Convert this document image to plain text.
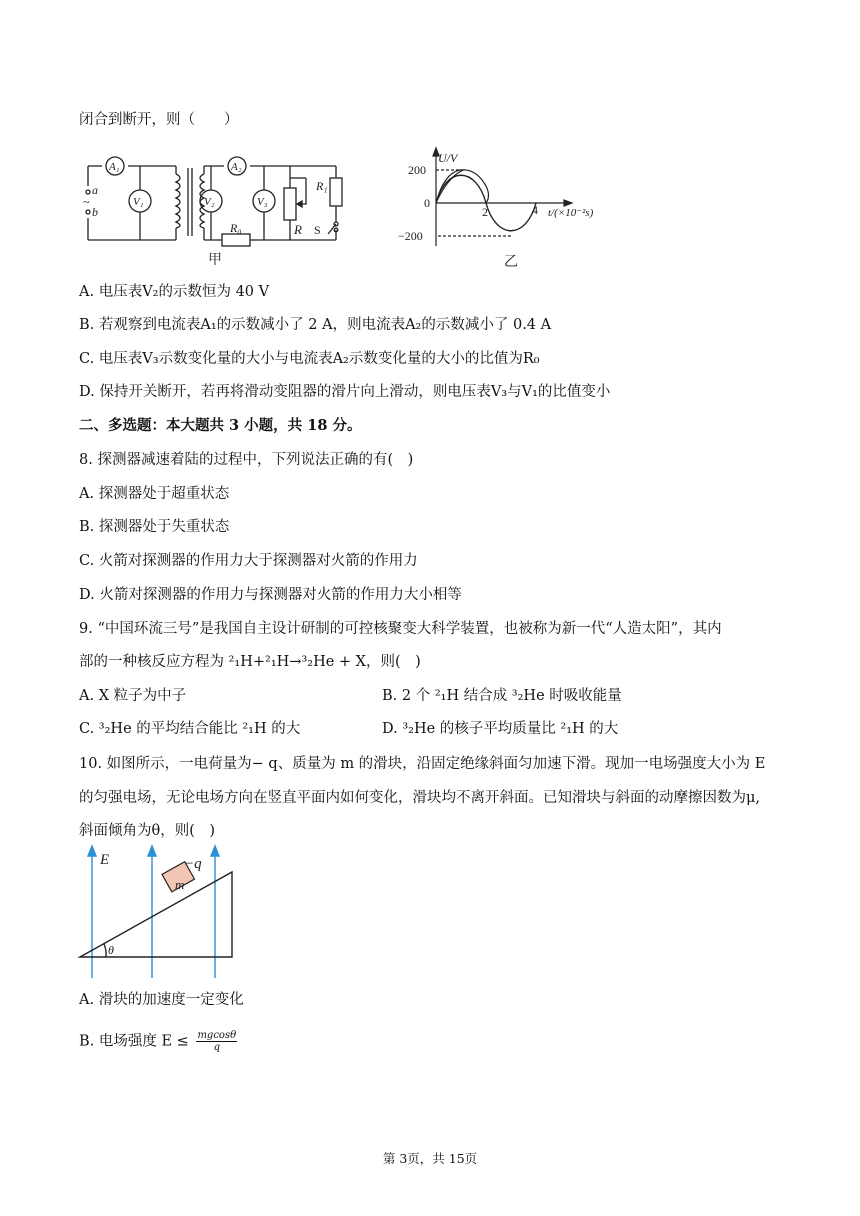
闭合到断开，则（　　）
A₁
V₁
A₂
V₂	V₃
a
~
b
R₀	R
R₁
S
甲
U/V
200
0
−200
2	4 t/(×10⁻²s)
乙
A. 电压表V₂的示数恒为 40 V
B. 若观察到电流表A₁的示数减小了 2 A，则电流表A₂的示数减小了 0.4 A
C. 电压表V₃示数变化量的大小与电流表A₂示数变化量的大小的比值为R₀
D. 保持开关断开，若再将滑动变阻器的滑片向上滑动，则电压表V₃与V₁的比值变小
二、多选题：本大题共 3 小题，共 18 分。
8. 探测器减速着陆的过程中，下列说法正确的有(　)
A. 探测器处于超重状态
B. 探测器处于失重状态
C. 火箭对探测器的作用力大于探测器对火箭的作用力
D. 火箭对探测器的作用力与探测器对火箭的作用力大小相等
9. “中国环流三号”是我国自主设计研制的可控核聚变大科学装置，也被称为新一代“人造太阳”，其内
部的一种核反应方程为 ²₁H+²₁H→³₂He + X，则(　)
A. X 粒子为中子	B. 2 个 ²₁H 结合成 ³₂He 时吸收能量
C. ³₂He 的平均结合能比 ²₁H 的大	D. ³₂He 的核子平均质量比 ²₁H 的大
10. 如图所示，一电荷量为− q、质量为 m 的滑块，沿固定绝缘斜面匀加速下滑。现加一电场强度大小为 E
的匀强电场，无论电场方向在竖直平面内如何变化，滑块均不离开斜面。已知滑块与斜面的动摩擦因数为μ,
斜面倾角为θ，则(　)
E	−q
m
θ
A. 滑块的加速度一定变化
B. 电场强度 $E \le \frac{mgcos\theta}{q}$
第 3页，共 15页
